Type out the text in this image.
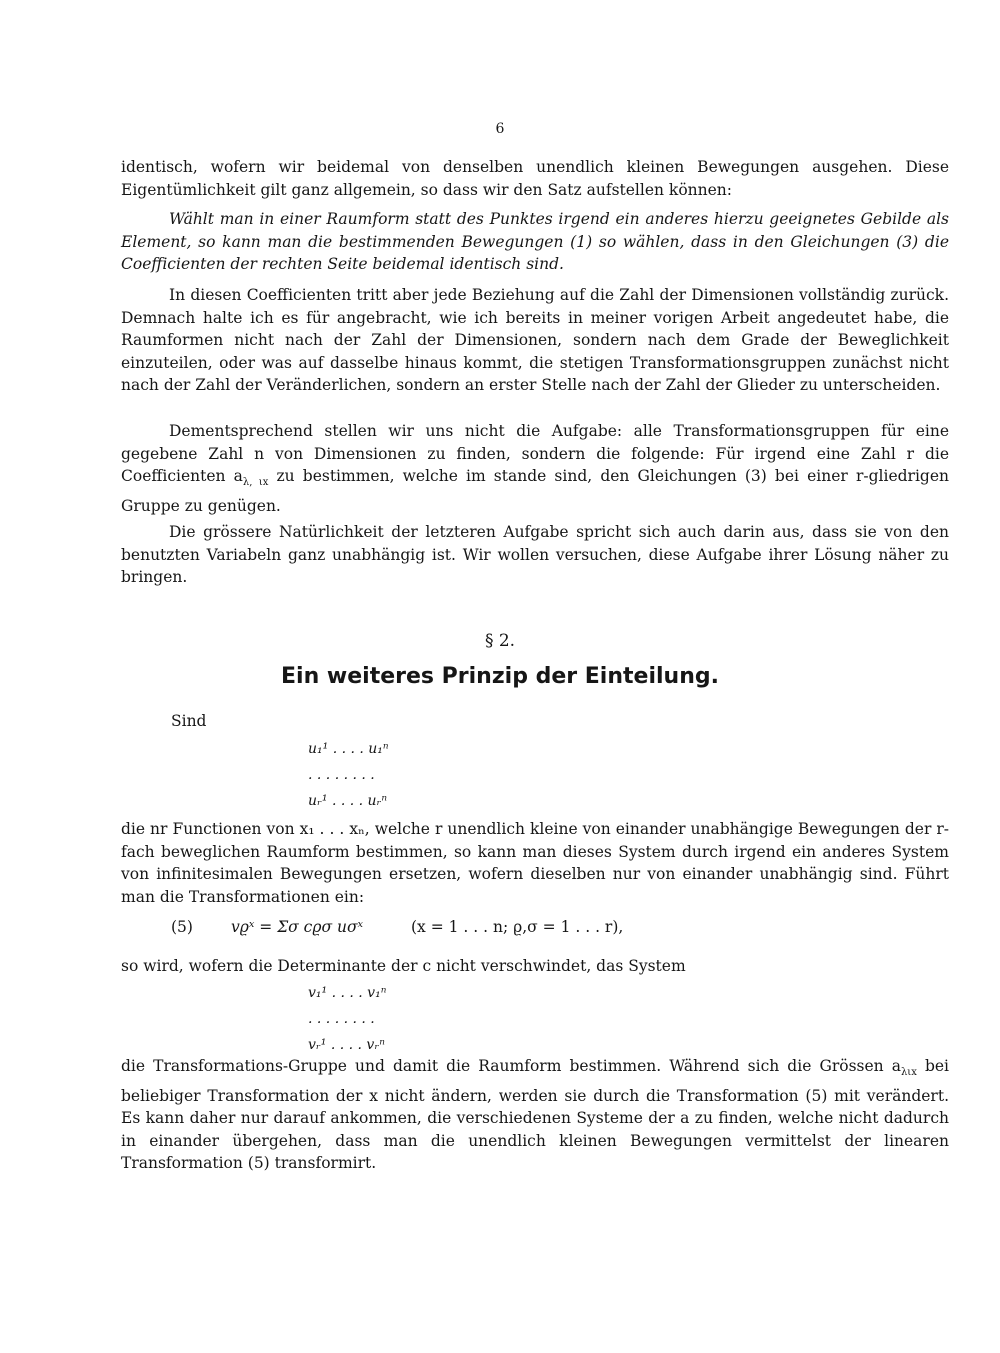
6

identisch, wofern wir beidemal von denselben unendlich kleinen Bewegungen ausgehen. Diese Eigentümlichkeit gilt ganz allgemein, so dass wir den Satz aufstellen können:

Wählt man in einer Raumform statt des Punktes irgend ein anderes hierzu geeignetes Gebilde als Element, so kann man die bestimmenden Bewegungen (1) so wählen, dass in den Gleichungen (3) die Coefficienten der rechten Seite beidemal identisch sind.

In diesen Coefficienten tritt aber jede Beziehung auf die Zahl der Dimensionen vollständig zurück. Demnach halte ich es für angebracht, wie ich bereits in meiner vorigen Arbeit angedeutet habe, die Raumformen nicht nach der Zahl der Dimensionen, sondern nach dem Grade der Beweglichkeit einzuteilen, oder was auf dasselbe hinaus kommt, die stetigen Transformationsgruppen zunächst nicht nach der Zahl der Veränderlichen, sondern an erster Stelle nach der Zahl der Glieder zu unterscheiden.

Dementsprechend stellen wir uns nicht die Aufgabe: alle Transformationsgruppen für eine gegebene Zahl n von Dimensionen zu finden, sondern die folgende: Für irgend eine Zahl r die Coefficienten $a_{\lambda, \iota x}$ zu bestimmen, welche im stande sind, den Gleichungen (3) bei einer r-gliedrigen Gruppe zu genügen.

Die grössere Natürlichkeit der letzteren Aufgabe spricht sich auch darin aus, dass sie von den benutzten Variabeln ganz unabhängig ist. Wir wollen versuchen, diese Aufgabe ihrer Lösung näher zu bringen.

§ 2.
Ein weiteres Prinzip der Einteilung.
Sind
u₁¹ . . . . u₁ⁿ
. . . . . . . .
uᵣ¹ . . . . uᵣⁿ

die nr Functionen von x₁ . . . xₙ, welche r unendlich kleine von einander unabhängige Bewegungen der r-fach beweglichen Raumform bestimmen, so kann man dieses System durch irgend ein anderes System von infinitesimalen Bewegungen ersetzen, wofern dieselben nur von einander unabhängig sind. Führt man die Transformationen ein:

(5) vϱˣ = Σσ cϱσ uσˣ	(x = 1 . . . n; ϱ,σ = 1 . . . r),

so wird, wofern die Determinante der c nicht verschwindet, das System

v₁¹ . . . . v₁ⁿ
. . . . . . . .
vᵣ¹ . . . . vᵣⁿ

die Transformations-Gruppe und damit die Raumform bestimmen. Während sich die Grössen $a_{\lambda\iota x}$ bei beliebiger Transformation der x nicht ändern, werden sie durch die Transformation (5) mit verändert. Es kann daher nur darauf ankommen, die verschiedenen Systeme der a zu finden, welche nicht dadurch in einander übergehen, dass man die unendlich kleinen Bewegungen vermittelst der linearen Transformation (5) transformirt.
